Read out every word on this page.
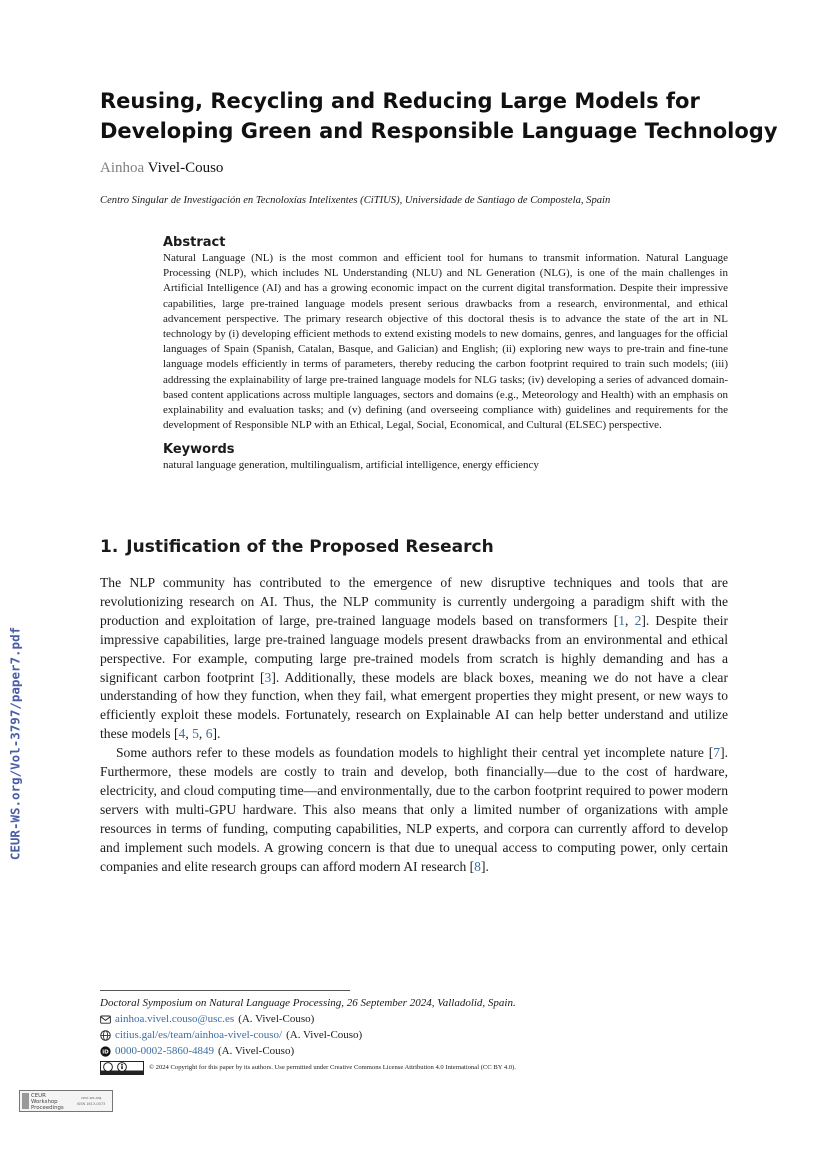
CEUR-WS.org/Vol-3797/paper7.pdf
Reusing, Recycling and Reducing Large Models for Developing Green and Responsible Language Technology
Ainhoa Vivel-Couso
Centro Singular de Investigación en Tecnoloxías Intelixentes (CiTIUS), Universidade de Santiago de Compostela, Spain
Abstract

Natural Language (NL) is the most common and efficient tool for humans to transmit information. Natural Language Processing (NLP), which includes NL Understanding (NLU) and NL Generation (NLG), is one of the main challenges in Artificial Intelligence (AI) and has a growing economic impact on the current digital transformation. Despite their impressive capabilities, large pre-trained language models present serious drawbacks from a research, environmental, and ethical advancement perspective. The primary research objective of this doctoral thesis is to advance the state of the art in NL technology by (i) developing efficient methods to extend existing models to new domains, genres, and languages for the official languages of Spain (Spanish, Catalan, Basque, and Galician) and English; (ii) exploring new ways to pre-train and fine-tune language models efficiently in terms of parameters, thereby reducing the carbon footprint required to train such models; (iii) addressing the explainability of large pre-trained language models for NLG tasks; (iv) developing a series of advanced domain-based content applications across multiple languages, sectors and domains (e.g., Meteorology and Health) with an emphasis on explainability and evaluation tasks; and (v) defining (and overseeing compliance with) guidelines and requirements for the development of Responsible NLP with an Ethical, Legal, Social, Economical, and Cultural (ELSEC) perspective.

Keywords

natural language generation, multilingualism, artificial intelligence, energy efficiency

1. Justification of the Proposed Research

The NLP community has contributed to the emergence of new disruptive techniques and tools that are revolutionizing research on AI. Thus, the NLP community is currently undergoing a paradigm shift with the production and exploitation of large, pre-trained language models based on transformers [1, 2]. Despite their impressive capabilities, large pre-trained language models present drawbacks from an environmental and ethical perspective. For example, computing large pre-trained models from scratch is highly demanding and has a significant carbon footprint [3]. Additionally, these models are black boxes, meaning we do not have a clear understanding of how they function, when they fail, what emergent properties they might present, or new ways to efficiently exploit these models. Fortunately, research on Explainable AI can help better understand and utilize these models [4, 5, 6].

Some authors refer to these models as foundation models to highlight their central yet incomplete nature [7]. Furthermore, these models are costly to train and develop, both financially—due to the cost of hardware, electricity, and cloud computing time—and environmentally, due to the carbon footprint required to power modern servers with multi-GPU hardware. This also means that only a limited number of organizations with ample resources in terms of funding, computing capabilities, NLP experts, and corpora can currently afford to develop and implement such models. A growing concern is that due to unequal access to computing power, only certain companies and elite research groups can afford modern AI research [8].

Doctoral Symposium on Natural Language Processing, 26 September 2024, Valladolid, Spain.
ainhoa.vivel.couso@usc.es (A. Vivel-Couso)
citius.gal/es/team/ainhoa-vivel-couso/ (A. Vivel-Couso)
iD 0000-0002-5860-4849 (A. Vivel-Couso)
© 2024 Copyright for this paper by its authors. Use permitted under Creative Commons License Attribution 4.0 International (CC BY 4.0).
CEUR
Workshop
Proceedings
ceur-ws.org
ISSN 1613-0073
